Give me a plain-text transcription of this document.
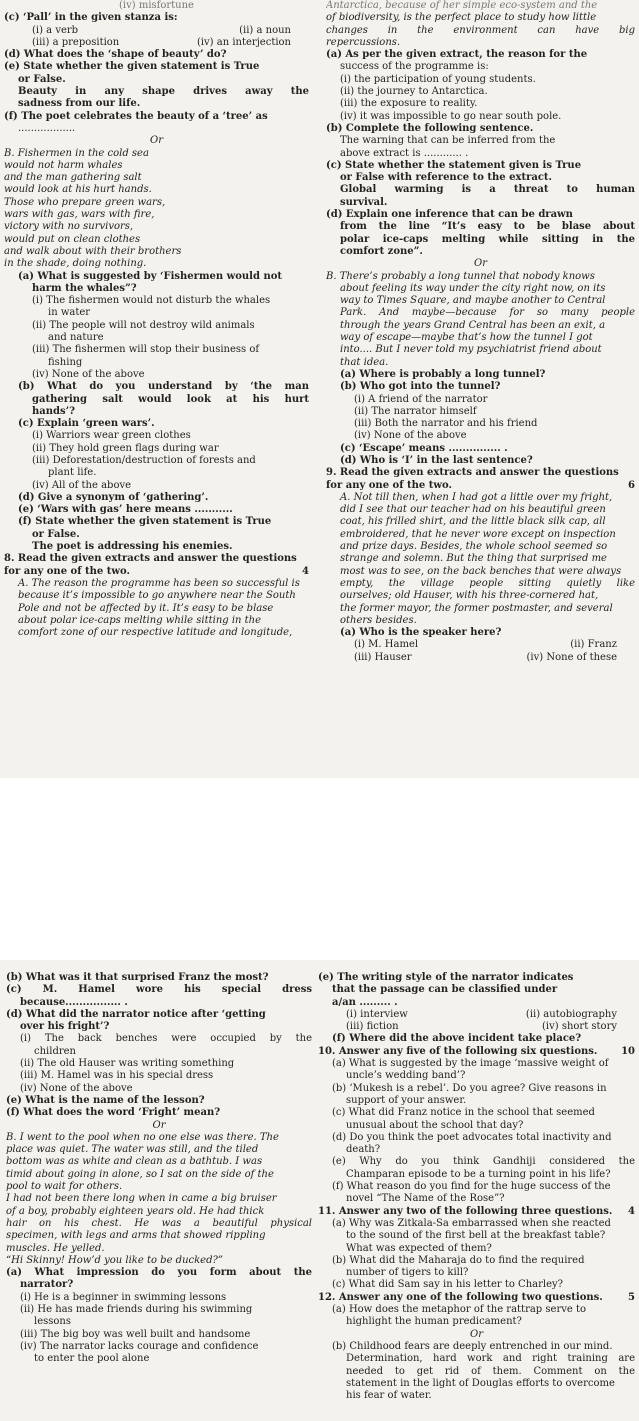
(iv) misfortune
(c) ‘Pall’ in the given stanza is:
(i) a verb	(ii) a noun
(iii) a preposition	(iv) an interjection
(d) What does the ‘shape of beauty’ do?
(e) State whether the given statement is True
or False.
Beauty in any shape drives away the
sadness from our life.
(f) The poet celebrates the beauty of a ‘tree’ as
..................
Or
B. Fishermen in the cold sea
would not harm whales
and the man gathering salt
would look at his hurt hands.
Those who prepare green wars,
wars with gas, wars with fire,
victory with no survivors,
would put on clean clothes
and walk about with their brothers
in the shade, doing nothing.
(a) What is suggested by ‘Fishermen would not
harm the whales”?
(i) The fishermen would not disturb the whales
in water
(ii) The people will not destroy wild animals
and nature
(iii) The fishermen will stop their business of
fishing
(iv) None of the above
(b) What do you understand by ‘the man
gathering salt would look at his hurt
hands’?
(c) Explain ‘green wars’.
(i) Warriors wear green clothes
(ii) They hold green flags during war
(iii) Deforestation/destruction of forests and
plant life.
(iv) All of the above
(d) Give a synonym of ‘gathering’.
(e) ‘Wars with gas’ here means ...........
(f) State whether the given statement is True
or False.
The poet is addressing his enemies.
8. Read the given extracts and answer the questions
for any one of the two.	4
A. The reason the programme has been so successful is
because it’s impossible to go anywhere near the South
Pole and not be affected by it. It’s easy to be blase
about polar ice-caps melting while sitting in the
comfort zone of our respective latitude and longitude,
Antarctica, because of her simple eco-system and the
of biodiversity, is the perfect place to study how little
changes in the environment can have big
repercussions.
(a) As per the given extract, the reason for the
success of the programme is:
(i) the participation of young students.
(ii) the journey to Antarctica.
(iii) the exposure to reality.
(iv) it was impossible to go near south pole.
(b) Complete the following sentence.
The warning that can be inferred from the
above extract is ............ .
(c) State whether the statement given is True
or False with reference to the extract.
Global warming is a threat to human
survival.
(d) Explain one inference that can be drawn
from the line “It’s easy to be blase about
polar ice-caps melting while sitting in the
comfort zone”.
Or
B. There’s probably a long tunnel that nobody knows
about feeling its way under the city right now, on its
way to Times Square, and maybe another to Central
Park. And maybe—because for so many people
through the years Grand Central has been an exit, a
way of escape—maybe that’s how the tunnel I got
into.... But I never told my psychiatrist friend about
that idea.
(a) Where is probably a long tunnel?
(b) Who got into the tunnel?
(i) A friend of the narrator
(ii) The narrator himself
(iii) Both the narrator and his friend
(iv) None of the above
(c) ‘Escape’ means ............... .
(d) Who is ‘I’ in the last sentence?
9. Read the given extracts and answer the questions
for any one of the two.	6
A. Not till then, when I had got a little over my fright,
did I see that our teacher had on his beautiful green
coat, his frilled shirt, and the little black silk cap, all
embroidered, that he never wore except on inspection
and prize days. Besides, the whole school seemed so
strange and solemn. But the thing that surprised me
most was to see, on the back benches that were always
empty, the village people sitting quietly like
ourselves; old Hauser, with his three-cornered hat,
the former mayor, the former postmaster, and several
others besides.
(a) Who is the speaker here?
(i) M. Hamel	(ii) Franz
(iii) Hauser	(iv) None of these
(b) What was it that surprised Franz the most?
(c) M. Hamel wore his special dress
because................ .
(d) What did the narrator notice after ‘getting
over his fright’?
(i) The back benches were occupied by the
children
(ii) The old Hauser was writing something
(iii) M. Hamel was in his special dress
(iv) None of the above
(e) What is the name of the lesson?
(f) What does the word ‘Fright’ mean?
Or
B. I went to the pool when no one else was there. The
place was quiet. The water was still, and the tiled
bottom was as white and clean as a bathtub. I was
timid about going in alone, so I sat on the side of the
pool to wait for others.
I had not been there long when in came a big bruiser
of a boy, probably eighteen years old. He had thick
hair on his chest. He was a beautiful physical
specimen, with legs and arms that showed rippling
muscles. He yelled.
“Hi Skinny! How’d you like to be ducked?”
(a) What impression do you form about the
narrator?
(i) He is a beginner in swimming lessons
(ii) He has made friends during his swimming
lessons
(iii) The big boy was well built and handsome
(iv) The narrator lacks courage and confidence
to enter the pool alone
(e) The writing style of the narrator indicates
that the passage can be classified under
a/an ......... .
(i) interview	(ii) autobiography
(iii) fiction	(iv) short story
(f) Where did the above incident take place?
10. Answer any five of the following six questions. 10
(a) What is suggested by the image ‘massive weight of
uncle’s wedding band’?
(b) ‘Mukesh is a rebel’. Do you agree? Give reasons in
support of your answer.
(c) What did Franz notice in the school that seemed
unusual about the school that day?
(d) Do you think the poet advocates total inactivity and
death?
(e) Why do you think Gandhiji considered the
Champaran episode to be a turning point in his life?
(f) What reason do you find for the huge success of the
novel “The Name of the Rose”?
11. Answer any two of the following three questions. 4
(a) Why was Zitkala-Sa embarrassed when she reacted
to the sound of the first bell at the breakfast table?
What was expected of them?
(b) What did the Maharaja do to find the required
number of tigers to kill?
(c) What did Sam say in his letter to Charley?
12. Answer any one of the following two questions.	5
(a) How does the metaphor of the rattrap serve to
highlight the human predicament?
Or
(b) Childhood fears are deeply entrenched in our mind.
Determination, hard work and right training are
needed to get rid of them. Comment on the
statement in the light of Douglas efforts to overcome
his fear of water.
